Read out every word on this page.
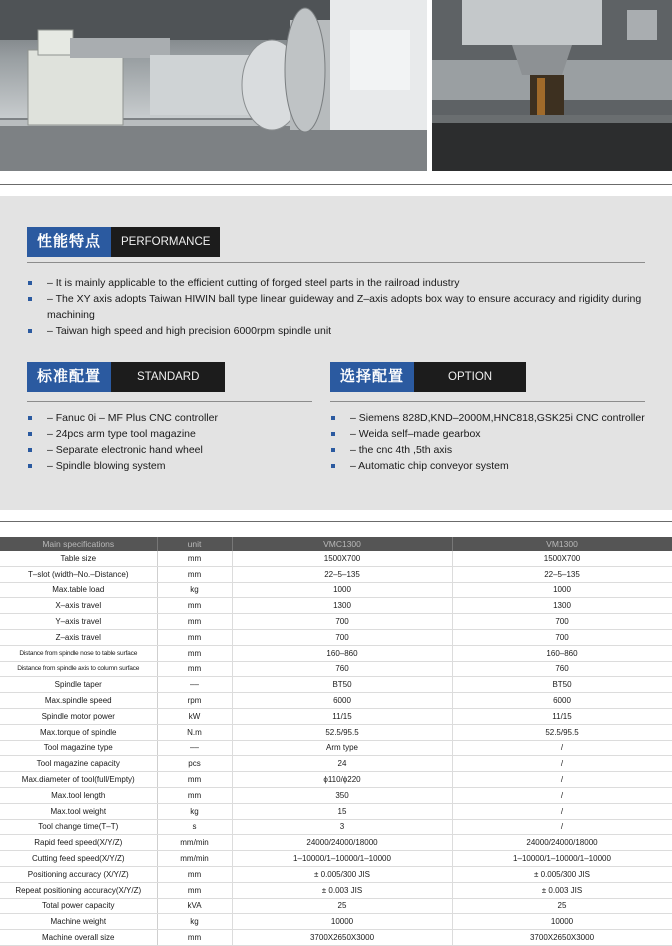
性能特点	PERFORMANCE
– It is mainly applicable to the efficient cutting of forged steel parts in the railroad industry
– The XY axis adopts Taiwan HIWIN ball type linear guideway and Z–axis adopts box way to ensure accuracy and rigidity during machining
– Taiwan high speed and high precision 6000rpm spindle unit
标准配置	STANDARD	选择配置	OPTION
– Fanuc 0i – MF Plus CNC controller
– 24pcs arm type tool magazine
– Separate electronic hand wheel
– Spindle blowing system
– Siemens 828D,KND–2000M,HNC818,GSK25i CNC controller
– Weida self–made gearbox
– the cnc 4th ,5th axis
– Automatic chip conveyor system
Main specifications	unit	VMC1300	VM1300
Table size	mm	1500X700	1500X700
T–slot (width–No.–Distance)	mm	22–5–135	22–5–135
Max.table load	kg	1000	1000
X–axis travel	mm	1300	1300
Y–axis travel	mm	700	700
Z–axis travel	mm	700	700
Distance from spindle nose to table surface	mm	160–860	160–860
Distance from spindle axis to column surface	mm	760	760
Spindle taper	––	BT50	BT50
Max.spindle speed	rpm	6000	6000
Spindle motor power	kW	11/15	11/15
Max.torque of spindle	N.m	52.5/95.5	52.5/95.5
Tool magazine type	––	Arm type	/
Tool magazine capacity	pcs	24	/
Max.diameter of tool(full/Empty)	mm	ϕ110/ϕ220	/
Max.tool length	mm	350	/
Max.tool weight	kg	15	/
Tool change time(T–T)	s	3	/
Rapid feed speed(X/Y/Z)	mm/min	24000/24000/18000	24000/24000/18000
Cutting feed speed(X/Y/Z)	mm/min	1–10000/1–10000/1–10000	1–10000/1–10000/1–10000
Positioning accuracy (X/Y/Z)	mm	± 0.005/300 JIS	± 0.005/300 JIS
Repeat positioning accuracy(X/Y/Z)	mm	± 0.003 JIS	± 0.003 JIS
Total power capacity	kVA	25	25
Machine weight	kg	10000	10000
Machine overall size	mm	3700X2650X3000	3700X2650X3000
